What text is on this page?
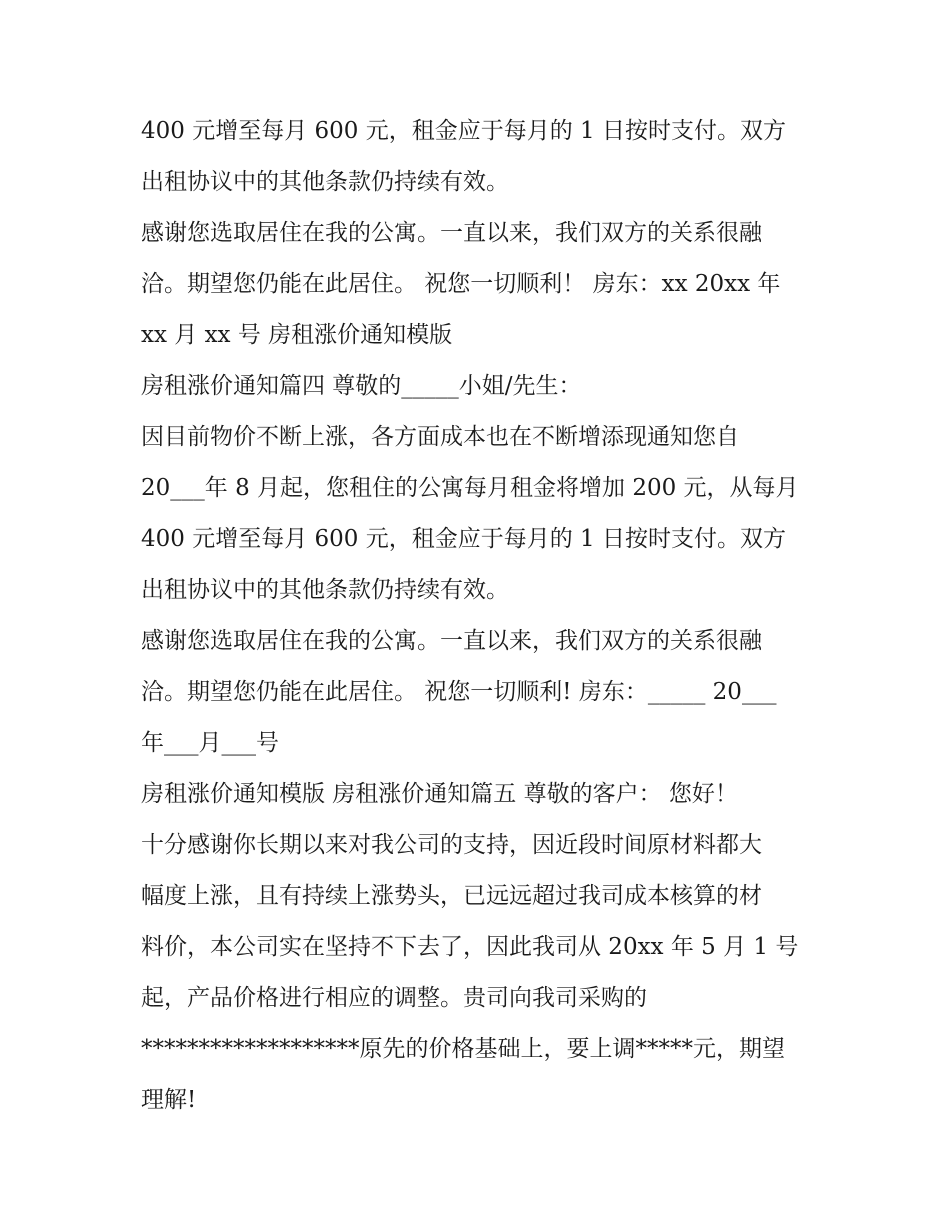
400 元增至每月 600 元，租金应于每月的 1 日按时支付。双方
出租协议中的其他条款仍持续有效。
感谢您选取居住在我的公寓。一直以来，我们双方的关系很融
洽。期望您仍能在此居住。 祝您一切顺利！ 房东：xx 20xx 年
xx 月 xx 号 房租涨价通知模版
房租涨价通知篇四 尊敬的_____小姐/先生：
因目前物价不断上涨，各方面成本也在不断增添现通知您自
20___年 8 月起，您租住的公寓每月租金将增加 200 元，从每月
400 元增至每月 600 元，租金应于每月的 1 日按时支付。双方
出租协议中的其他条款仍持续有效。
感谢您选取居住在我的公寓。一直以来，我们双方的关系很融
洽。期望您仍能在此居住。 祝您一切顺利! 房东：_____ 20___
年___月___号
房租涨价通知模版 房租涨价通知篇五 尊敬的客户： 您好！
十分感谢你长期以来对我公司的支持，因近段时间原材料都大
幅度上涨，且有持续上涨势头，已远远超过我司成本核算的材
料价，本公司实在坚持不下去了，因此我司从 20xx 年 5 月 1 号
起，产品价格进行相应的调整。贵司向我司采购的
*******************原先的价格基础上，要上调*****元，期望
理解!
